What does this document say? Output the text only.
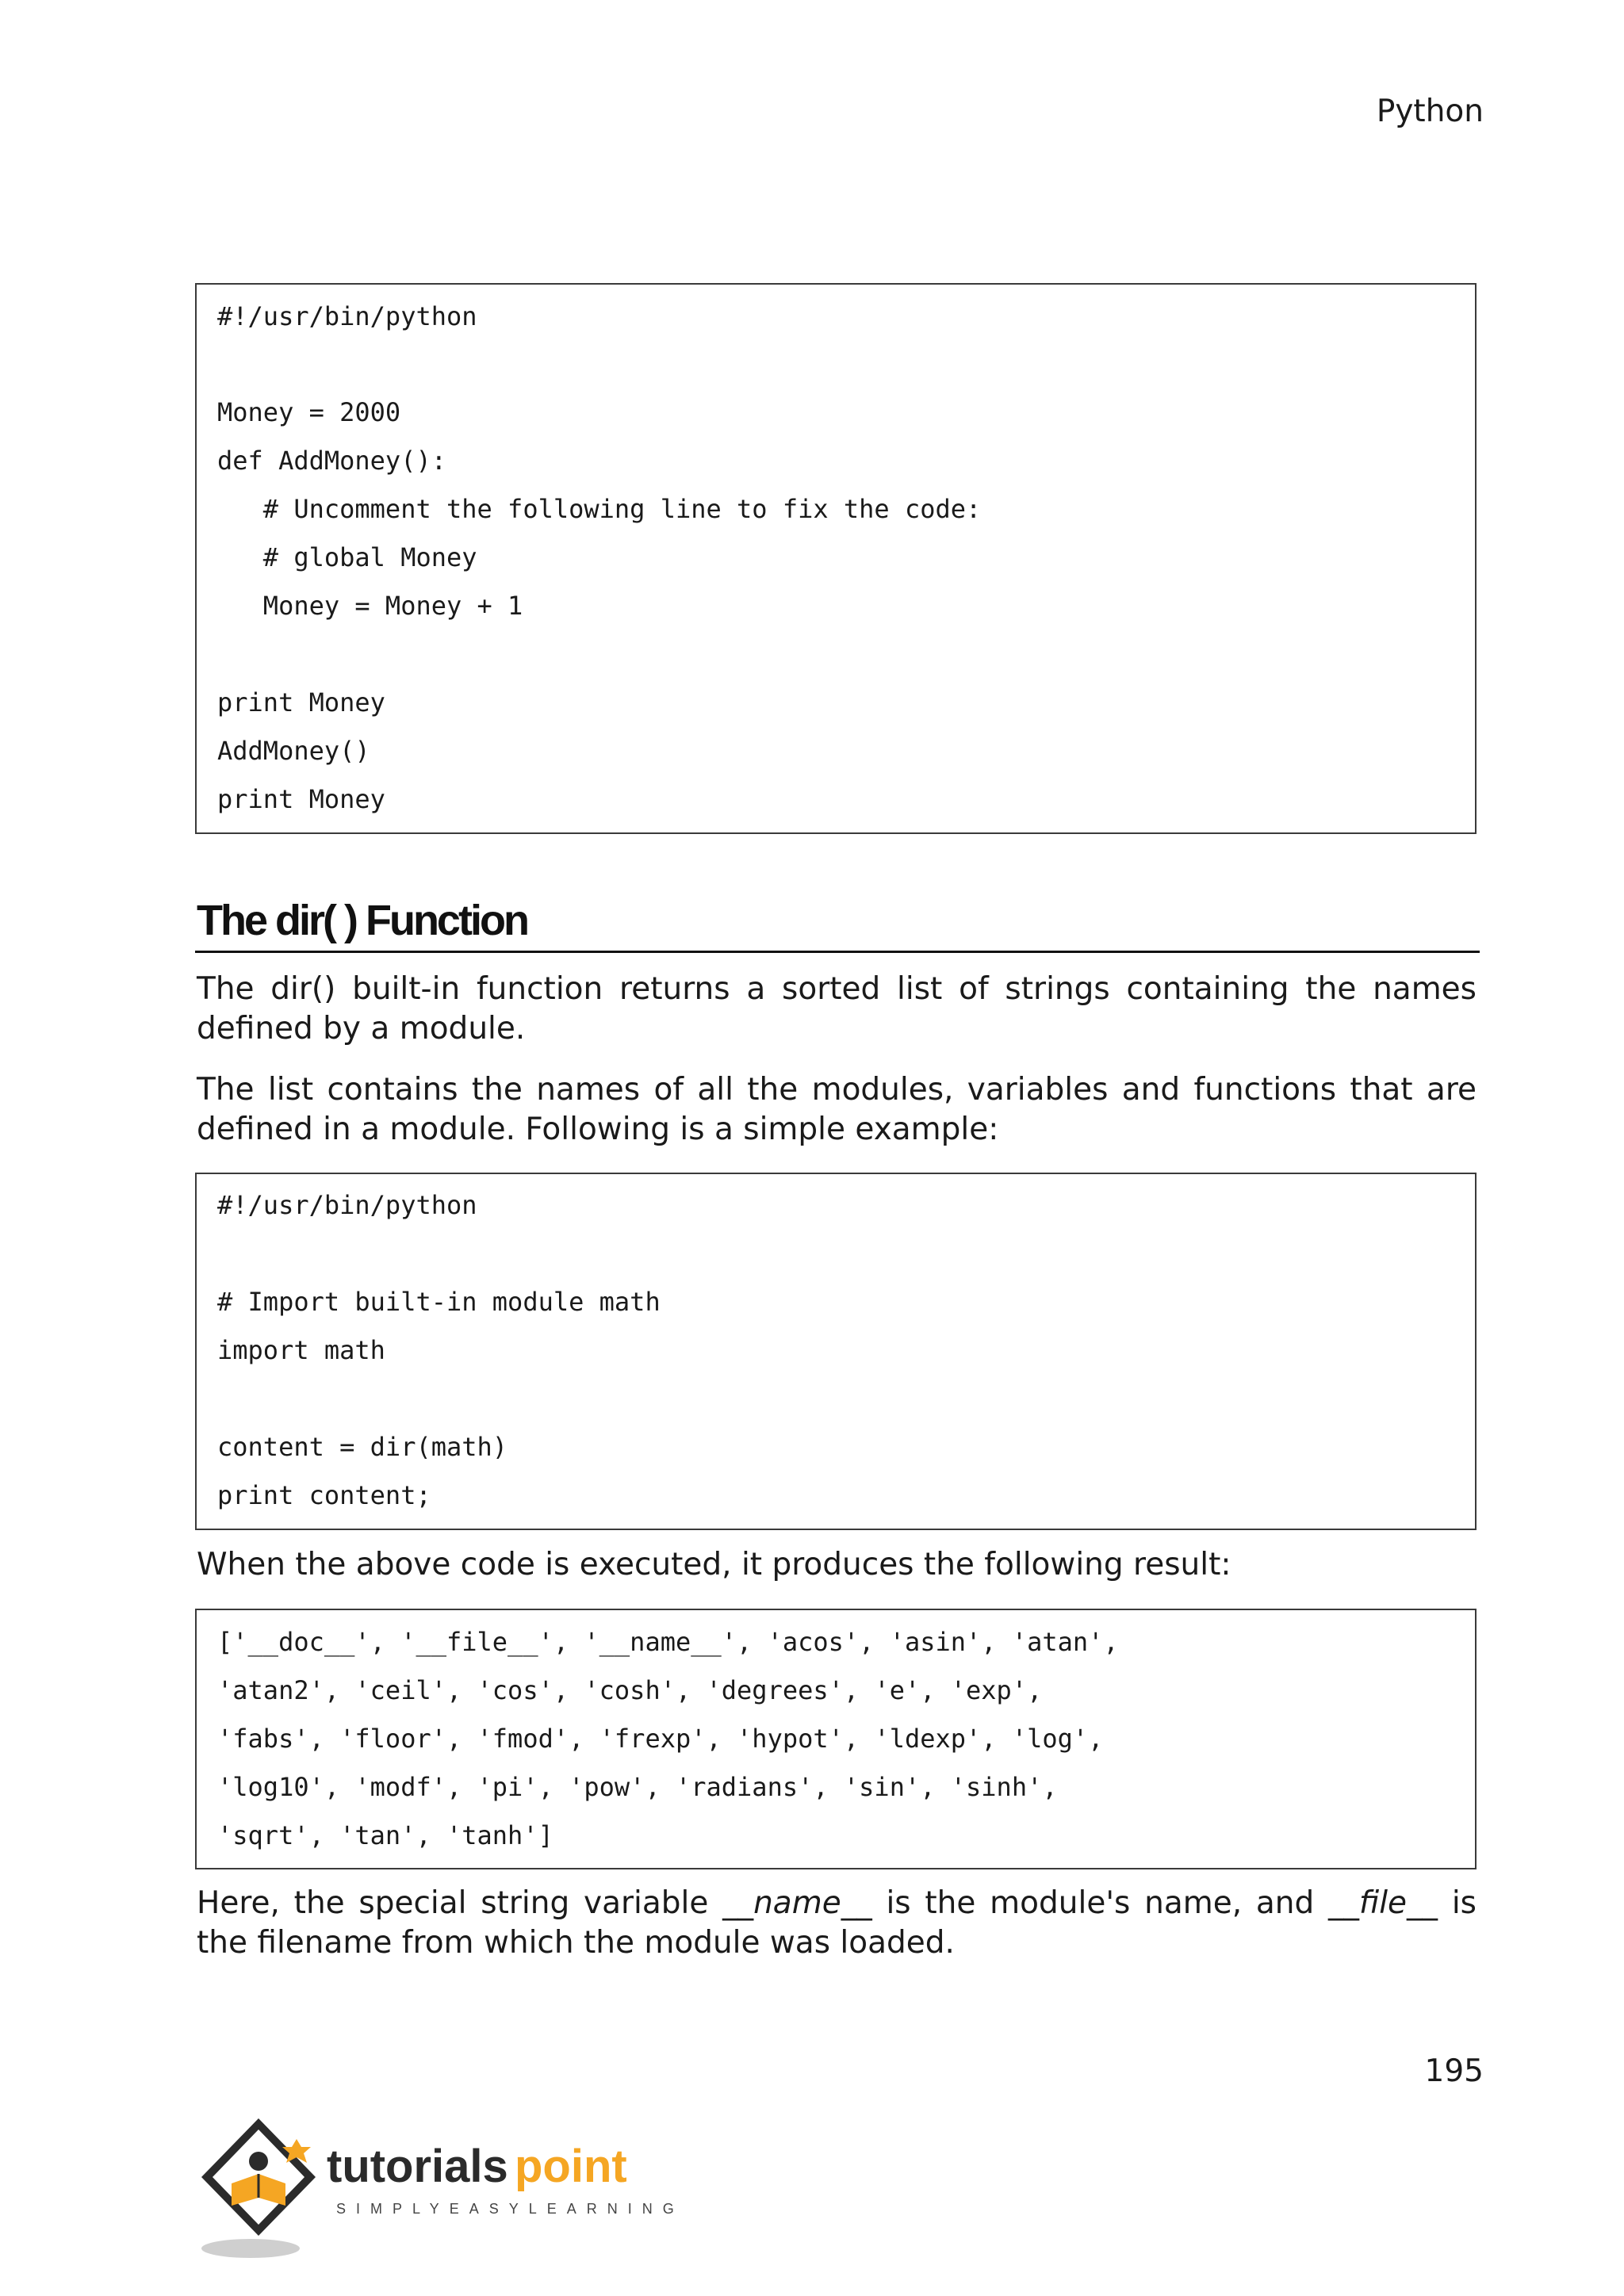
Python
#!/usr/bin/python
Money = 2000
def AddMoney():
# Uncomment the following line to fix the code:
# global Money
Money = Money + 1
print Money
AddMoney()
print Money
The dir( ) Function

The dir() built-in function returns a sorted list of strings containing the names defined by a module.

The list contains the names of all the modules, variables and functions that are defined in a module. Following is a simple example:

#!/usr/bin/python
# Import built-in module math
import math
content = dir(math)
print content;

When the above code is executed, it produces the following result:

['__doc__', '__file__', '__name__', 'acos', 'asin', 'atan',
'atan2', 'ceil', 'cos', 'cosh', 'degrees', 'e', 'exp',
'fabs', 'floor', 'fmod', 'frexp', 'hypot', 'ldexp', 'log',
'log10', 'modf', 'pi', 'pow', 'radians', 'sin', 'sinh',
'sqrt', 'tan', 'tanh']

Here, the special string variable __name__ is the module's name, and __file__ is the filename from which the module was loaded.

195
tutorials point
SIMPLYEASYLEARNING
